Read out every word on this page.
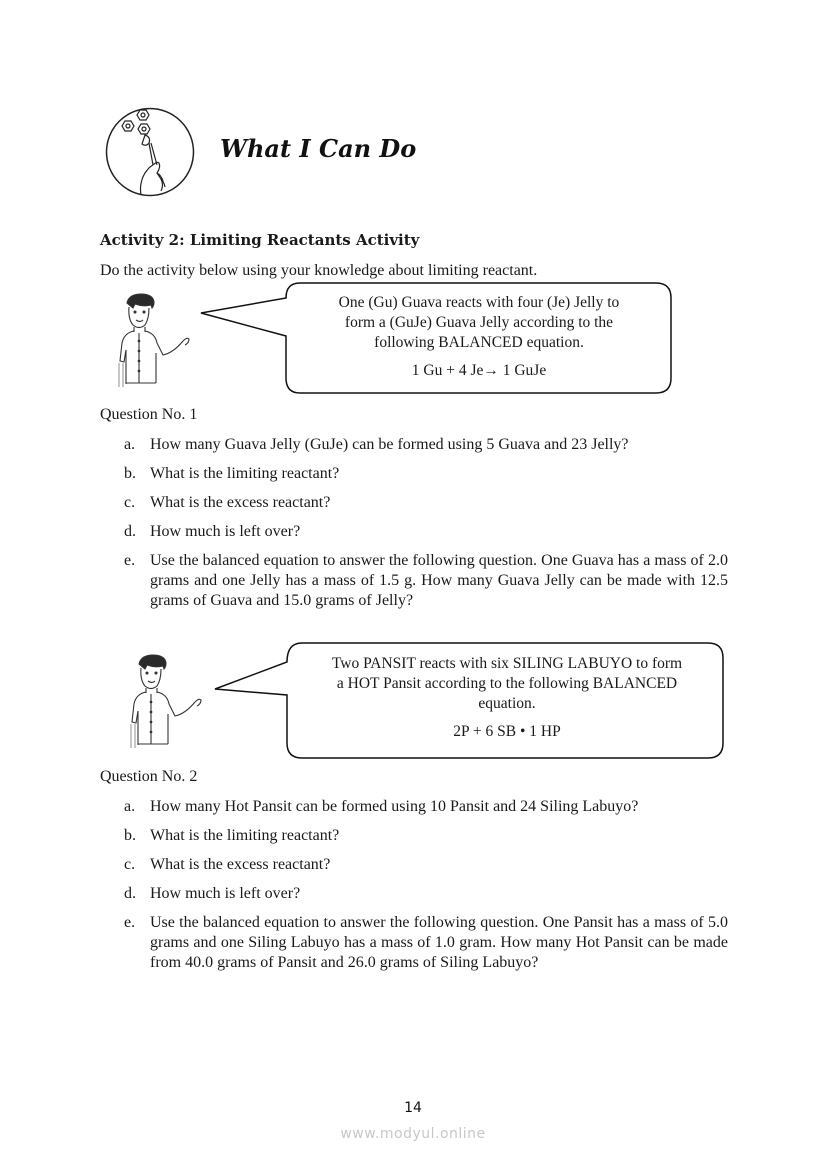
What I Can Do
Activity 2: Limiting Reactants Activity
Do the activity below using your knowledge about limiting reactant.
One (Gu) Guava reacts with four (Je) Jelly to
form a (GuJe) Guava Jelly according to the
following BALANCED equation.
1 Gu + 4 Je→ 1 GuJe
Question No. 1
a. How many Guava Jelly (GuJe) can be formed using 5 Guava and 23 Jelly?
b. What is the limiting reactant?
c. What is the excess reactant?
d. How much is left over?
e. Use the balanced equation to answer the following question. One Guava has a mass of 2.0 grams and one Jelly has a mass of 1.5 g. How many Guava Jelly can be made with 12.5 grams of Guava and 15.0 grams of Jelly?
Two PANSIT reacts with six SILING LABUYO to form
a HOT Pansit according to the following BALANCED
equation.
2P + 6 SB • 1 HP
Question No. 2
a. How many Hot Pansit can be formed using 10 Pansit and 24 Siling Labuyo?
b. What is the limiting reactant?
c. What is the excess reactant?
d. How much is left over?
e. Use the balanced equation to answer the following question. One Pansit has a mass of 5.0 grams and one Siling Labuyo has a mass of 1.0 gram. How many Hot Pansit can be made from 40.0 grams of Pansit and 26.0 grams of Siling Labuyo?
14
www.modyul.online
